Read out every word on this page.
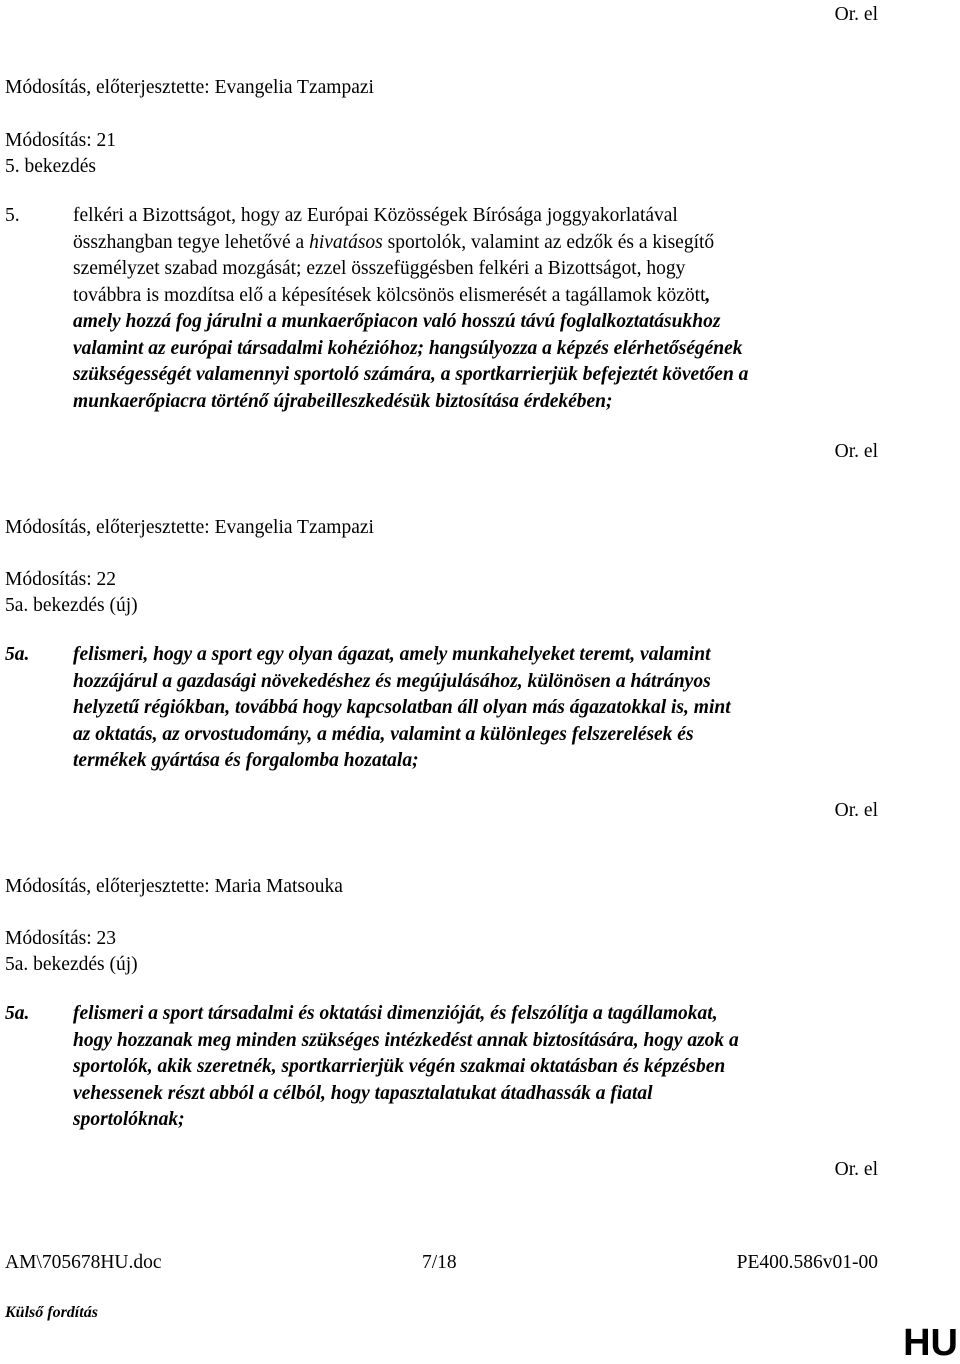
Or. el
Módosítás, előterjesztette: Evangelia Tzampazi
Módosítás: 21
5. bekezdés
5.	felkéri a Bizottságot, hogy az Európai Közösségek Bírósága joggyakorlatával
összhangban tegye lehetővé a hivatásos sportolók, valamint az edzők és a kisegítő
személyzet szabad mozgását; ezzel összefüggésben felkéri a Bizottságot, hogy
továbbra is mozdítsa elő a képesítések kölcsönös elismerését a tagállamok között,
amely hozzá fog járulni a munkaerőpiacon való hosszú távú foglalkoztatásukhoz
valamint az európai társadalmi kohézióhoz; hangsúlyozza a képzés elérhetőségének
szükségességét valamennyi sportoló számára, a sportkarrierjük befejeztét követően a
munkaerőpiacra történő újrabeilleszkedésük biztosítása érdekében;
Or. el
Módosítás, előterjesztette: Evangelia Tzampazi
Módosítás: 22
5a. bekezdés (új)
5a. felismeri, hogy a sport egy olyan ágazat, amely munkahelyeket teremt, valamint
hozzájárul a gazdasági növekedéshez és megújulásához, különösen a hátrányos
helyzetű régiókban, továbbá hogy kapcsolatban áll olyan más ágazatokkal is, mint
az oktatás, az orvostudomány, a média, valamint a különleges felszerelések és
termékek gyártása és forgalomba hozatala;
Or. el
Módosítás, előterjesztette: Maria Matsouka
Módosítás: 23
5a. bekezdés (új)
5a. felismeri a sport társadalmi és oktatási dimenzióját, és felszólítja a tagállamokat,
hogy hozzanak meg minden szükséges intézkedést annak biztosítására, hogy azok a
sportolók, akik szeretnék, sportkarrierjük végén szakmai oktatásban és képzésben
vehessenek részt abból a célból, hogy tapasztalatukat átadhassák a fiatal
sportolóknak;
Or. el
AM\705678HU.doc	7/18	PE400.586v01-00
Külső fordítás
HU
